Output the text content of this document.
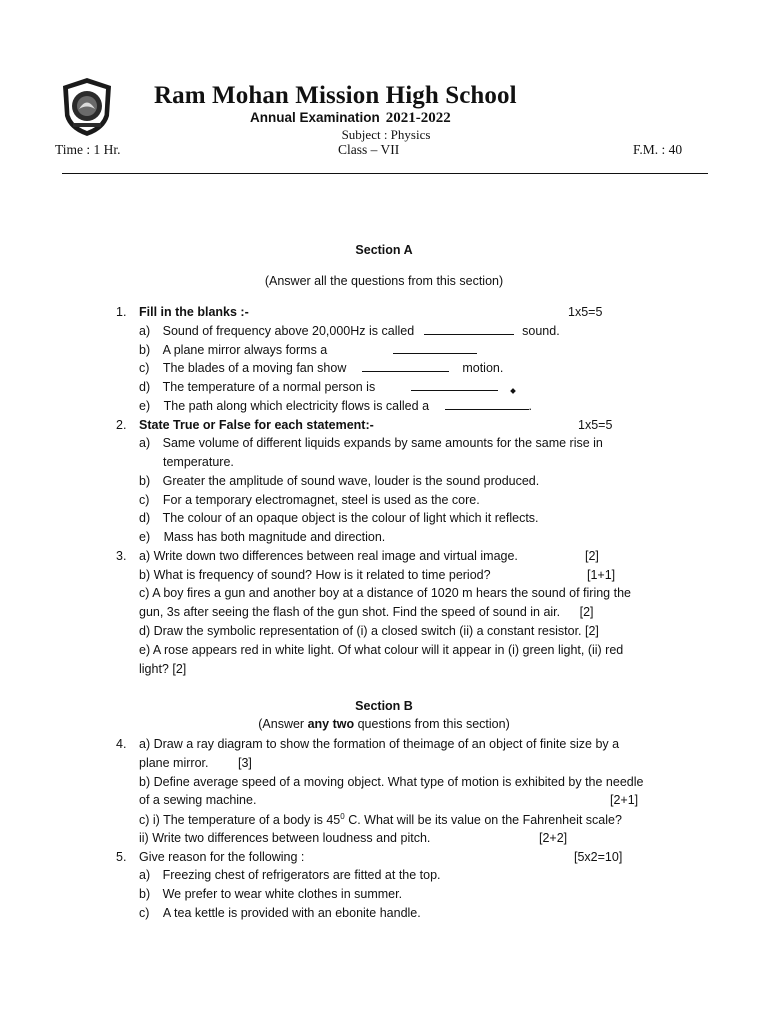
Ram Mohan Mission High School
Annual Examination 2021-2022
Subject : Physics
Time : 1 Hr.	Class – VII	F.M. : 40
Section A
(Answer all the questions from this section)
1. Fill in the blanks :-	1x5=5
a) Sound of frequency above 20,000Hz is called	sound.
b) A plane mirror always forms a
c) The blades of a moving fan show	motion.
d) The temperature of a normal person is
e) The path along which electricity flows is called a	.
2. State True or False for each statement:-	1x5=5
a) Same volume of different liquids expands by same amounts for the same rise in
temperature.
b) Greater the amplitude of sound wave, louder is the sound produced.
c) For a temporary electromagnet, steel is used as the core.
d) The colour of an opaque object is the colour of light which it reflects.
e) Mass has both magnitude and direction.
3. a) Write down two differences between real image and virtual image.	[2]
b) What is frequency of sound? How is it related to time period?	[1+1]
c) A boy fires a gun and another boy at a distance of 1020 m hears the sound of firing the
gun, 3s after seeing the flash of the gun shot. Find the speed of sound in air. [2]
d) Draw the symbolic representation of (i) a closed switch (ii) a constant resistor. [2]
e) A rose appears red in white light. Of what colour will it appear in (i) green light, (ii) red
light? [2]
Section B
(Answer any two questions from this section)
4. a) Draw a ray diagram to show the formation of theimage of an object of finite size by a
plane mirror. [3]
b) Define average speed of a moving object. What type of motion is exhibited by the needle
of a sewing machine.	[2+1]
c) i) The temperature of a body is $45^0$ C. What will be its value on the Fahrenheit scale?
ii) Write two differences between loudness and pitch.	[2+2]
5. Give reason for the following :	[5x2=10]
a) Freezing chest of refrigerators are fitted at the top.
b) We prefer to wear white clothes in summer.
c) A tea kettle is provided with an ebonite handle.
